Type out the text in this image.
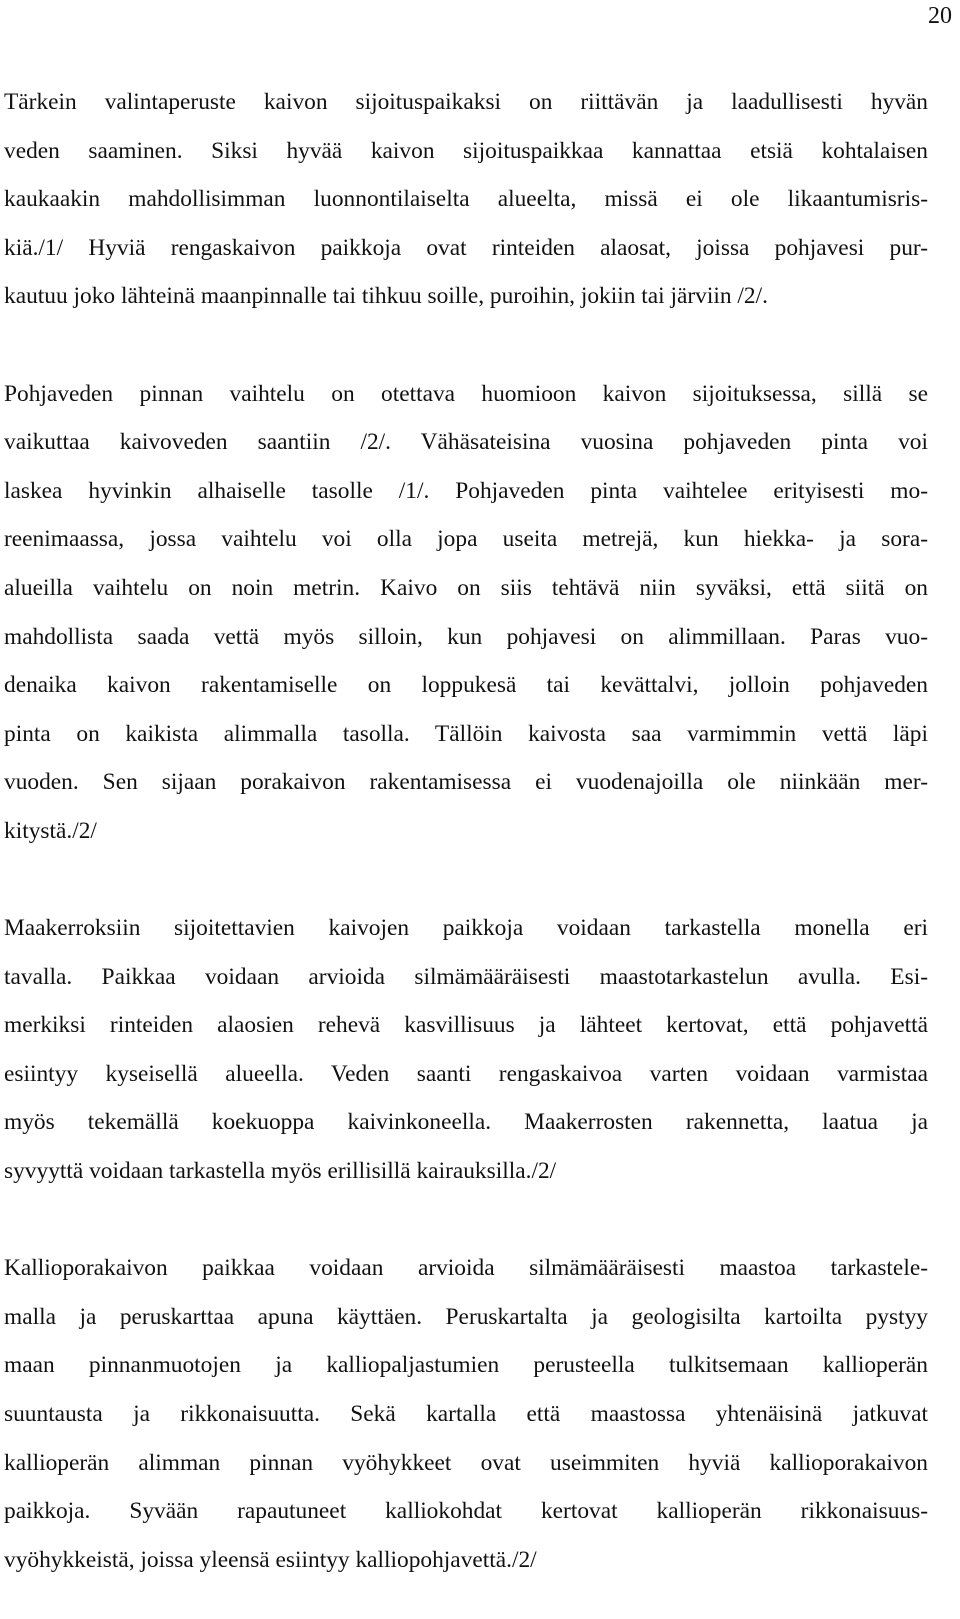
20
Tärkein valintaperuste kaivon sijoituspaikaksi on riittävän ja laadullisesti hyvän
veden saaminen. Siksi hyvää kaivon sijoituspaikkaa kannattaa etsiä kohtalaisen
kaukaakin mahdollisimman luonnontilaiselta alueelta, missä ei ole likaantumisris-
kiä./1/ Hyviä rengaskaivon paikkoja ovat rinteiden alaosat, joissa pohjavesi pur-
kautuu joko lähteinä maanpinnalle tai tihkuu soille, puroihin, jokiin tai järviin /2/.
Pohjaveden pinnan vaihtelu on otettava huomioon kaivon sijoituksessa, sillä se
vaikuttaa kaivoveden saantiin /2/. Vähäsateisina vuosina pohjaveden pinta voi
laskea hyvinkin alhaiselle tasolle /1/. Pohjaveden pinta vaihtelee erityisesti mo-
reenimaassa, jossa vaihtelu voi olla jopa useita metrejä, kun hiekka- ja sora-
alueilla vaihtelu on noin metrin. Kaivo on siis tehtävä niin syväksi, että siitä on
mahdollista saada vettä myös silloin, kun pohjavesi on alimmillaan. Paras vuo-
denaika kaivon rakentamiselle on loppukesä tai kevättalvi, jolloin pohjaveden
pinta on kaikista alimmalla tasolla. Tällöin kaivosta saa varmimmin vettä läpi
vuoden. Sen sijaan porakaivon rakentamisessa ei vuodenajoilla ole niinkään mer-
kitystä./2/
Maakerroksiin sijoitettavien kaivojen paikkoja voidaan tarkastella monella eri
tavalla. Paikkaa voidaan arvioida silmämääräisesti maastotarkastelun avulla. Esi-
merkiksi rinteiden alaosien rehevä kasvillisuus ja lähteet kertovat, että pohjavettä
esiintyy kyseisellä alueella. Veden saanti rengaskaivoa varten voidaan varmistaa
myös tekemällä koekuoppa kaivinkoneella. Maakerrosten rakennetta, laatua ja
syvyyttä voidaan tarkastella myös erillisillä kairauksilla./2/
Kallioporakaivon paikkaa voidaan arvioida silmämääräisesti maastoa tarkastele-
malla ja peruskarttaa apuna käyttäen. Peruskartalta ja geologisilta kartoilta pystyy
maan pinnanmuotojen ja kalliopaljastumien perusteella tulkitsemaan kallioperän
suuntausta ja rikkonaisuutta. Sekä kartalla että maastossa yhtenäisinä jatkuvat
kallioperän alimman pinnan vyöhykkeet ovat useimmiten hyviä kallioporakaivon
paikkoja. Syvään rapautuneet kalliokohdat kertovat kallioperän rikkonaisuus-
vyöhykkeistä, joissa yleensä esiintyy kalliopohjavettä./2/
